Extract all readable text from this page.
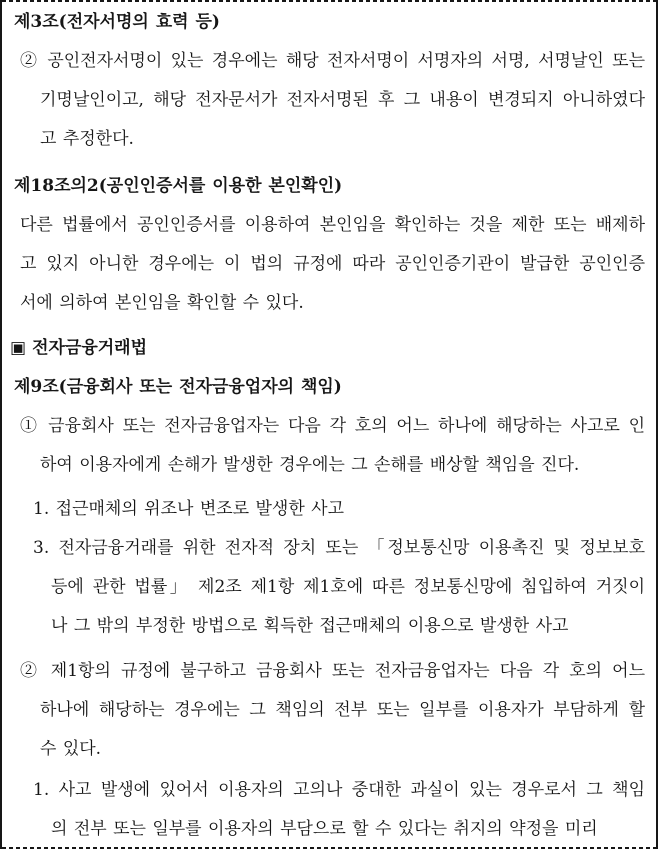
제3조(전자서명의 효력 등)
② 공인전자서명이 있는 경우에는 해당 전자서명이 서명자의 서명, 서명날인 또는
기명날인이고, 해당 전자문서가 전자서명된 후 그 내용이 변경되지 아니하였다
고 추정한다.
제18조의2(공인인증서를 이용한 본인확인)
다른 법률에서 공인인증서를 이용하여 본인임을 확인하는 것을 제한 또는 배제하
고 있지 아니한 경우에는 이 법의 규정에 따라 공인인증기관이 발급한 공인인증
서에 의하여 본인임을 확인할 수 있다.
▣ 전자금융거래법
제9조(금융회사 또는 전자금융업자의 책임)
① 금융회사 또는 전자금융업자는 다음 각 호의 어느 하나에 해당하는 사고로 인
하여 이용자에게 손해가 발생한 경우에는 그 손해를 배상할 책임을 진다.
1. 접근매체의 위조나 변조로 발생한 사고
3. 전자금융거래를 위한 전자적 장치 또는 「정보통신망 이용촉진 및 정보보호
등에 관한 법률」 제2조 제1항 제1호에 따른 정보통신망에 침입하여 거짓이
나 그 밖의 부정한 방법으로 획득한 접근매체의 이용으로 발생한 사고
② 제1항의 규정에 불구하고 금융회사 또는 전자금융업자는 다음 각 호의 어느
하나에 해당하는 경우에는 그 책임의 전부 또는 일부를 이용자가 부담하게 할
수 있다.
1. 사고 발생에 있어서 이용자의 고의나 중대한 과실이 있는 경우로서 그 책임
의 전부 또는 일부를 이용자의 부담으로 할 수 있다는 취지의 약정을 미리
